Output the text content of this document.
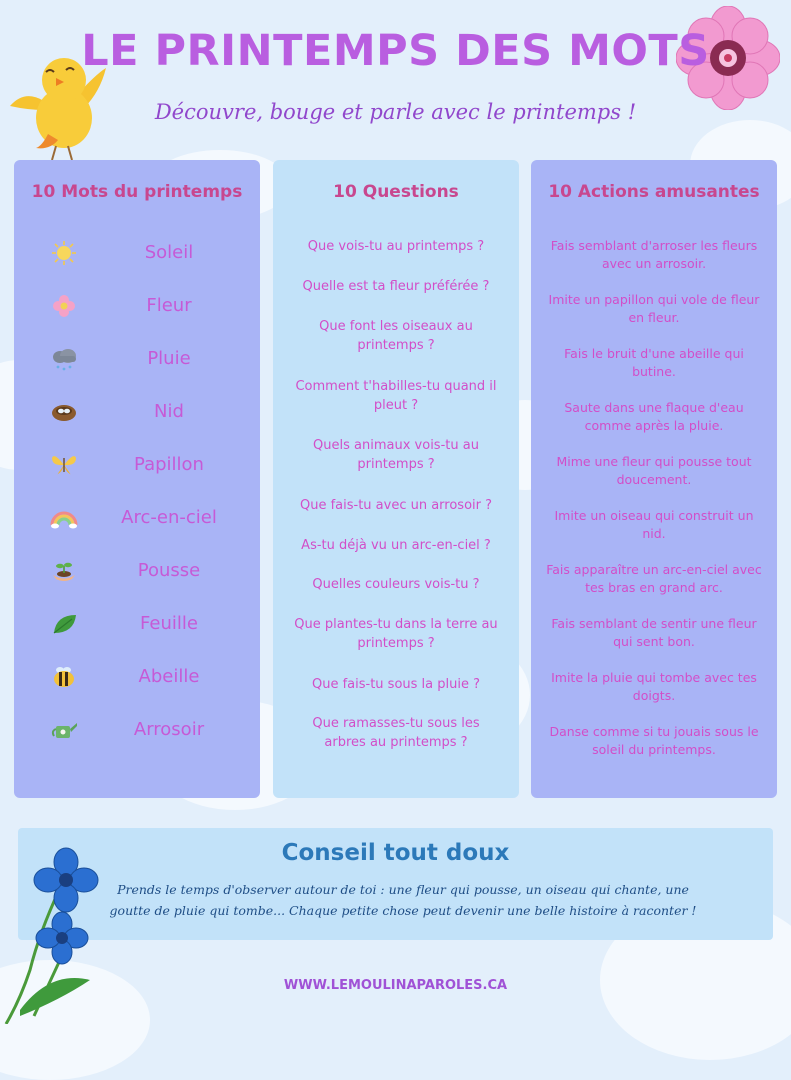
LE PRINTEMPS DES MOTS
Découvre, bouge et parle avec le printemps !
10 Mots du printemps
Soleil
Fleur
Pluie
Nid
Papillon
Arc-en-ciel
Pousse
Feuille
Abeille
Arrosoir
10 Questions
Que vois-tu au printemps ?
Quelle est ta fleur préférée ?
Que font les oiseaux au printemps ?
Comment t'habilles-tu quand il pleut ?
Quels animaux vois-tu au printemps ?
Que fais-tu avec un arrosoir ?
As-tu déjà vu un arc-en-ciel ?
Quelles couleurs vois-tu ?
Que plantes-tu dans la terre au printemps ?
Que fais-tu sous la pluie ?
Que ramasses-tu sous les arbres au printemps ?
10 Actions amusantes
Fais semblant d'arroser les fleurs avec un arrosoir.
Imite un papillon qui vole de fleur en fleur.
Fais le bruit d'une abeille qui butine.
Saute dans une flaque d'eau comme après la pluie.
Mime une fleur qui pousse tout doucement.
Imite un oiseau qui construit un nid.
Fais apparaître un arc-en-ciel avec tes bras en grand arc.
Fais semblant de sentir une fleur qui sent bon.
Imite la pluie qui tombe avec tes doigts.
Danse comme si tu jouais sous le soleil du printemps.
Conseil tout doux
Prends le temps d'observer autour de toi : une fleur qui pousse, un oiseau qui chante, une goutte de pluie qui tombe... Chaque petite chose peut devenir une belle histoire à raconter !
WWW.LEMOULINAPAROLES.CA
